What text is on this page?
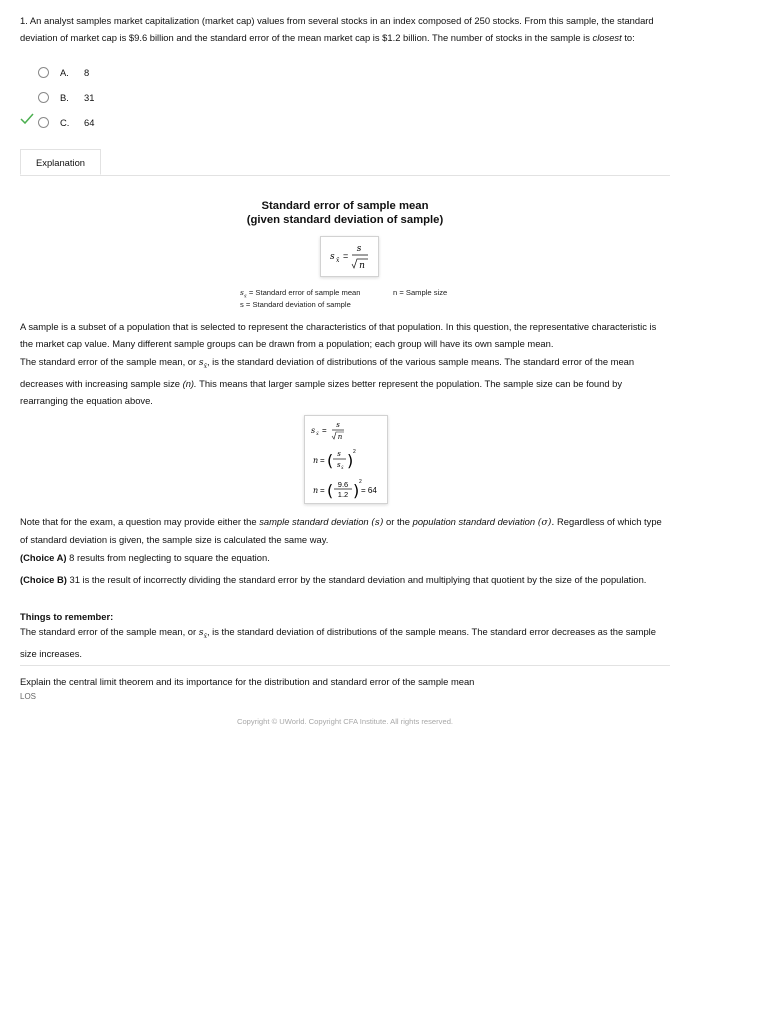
1. An analyst samples market capitalization (market cap) values from several stocks in an index composed of 250 stocks. From this sample, the standard deviation of market cap is $9.6 billion and the standard error of the mean market cap is $1.2 billion. The number of stocks in the sample is closest to:

A. 8
B. 31
C. 64
Explanation
Standard error of sample mean
(given standard deviation of sample)
s x̄ =
s
n
$s_{x̄}$ = Standard error of sample mean	n = Sample size
s = Standard deviation of sample

A sample is a subset of a population that is selected to represent the characteristics of that population. In this question, the representative characteristic is the market cap value. Many different sample groups can be drawn from a population; each group will have its own sample mean.

The standard error of the sample mean, or $s_{x̄}$, is the standard deviation of distributions of the various sample means. The standard error of the mean decreases with increasing sample size (n). This means that larger sample sizes better represent the population. The sample size can be found by rearranging the equation above.

s x̄ =
s
n
n = ( s
s x̄ ) 2
n = ( 9.6
1.2 ) 2
= 64

Note that for the exam, a question may provide either the sample standard deviation (s) or the population standard deviation (σ). Regardless of which type of standard deviation is given, the sample size is calculated the same way.

(Choice A) 8 results from neglecting to square the equation.

(Choice B) 31 is the result of incorrectly dividing the standard error by the standard deviation and multiplying that quotient by the size of the population.

Things to remember:

The standard error of the sample mean, or $s_{x̄}$, is the standard deviation of distributions of the sample means. The standard error decreases as the sample size increases.

Explain the central limit theorem and its importance for the distribution and standard error of the sample mean
LOS
Copyright © UWorld. Copyright CFA Institute. All rights reserved.
